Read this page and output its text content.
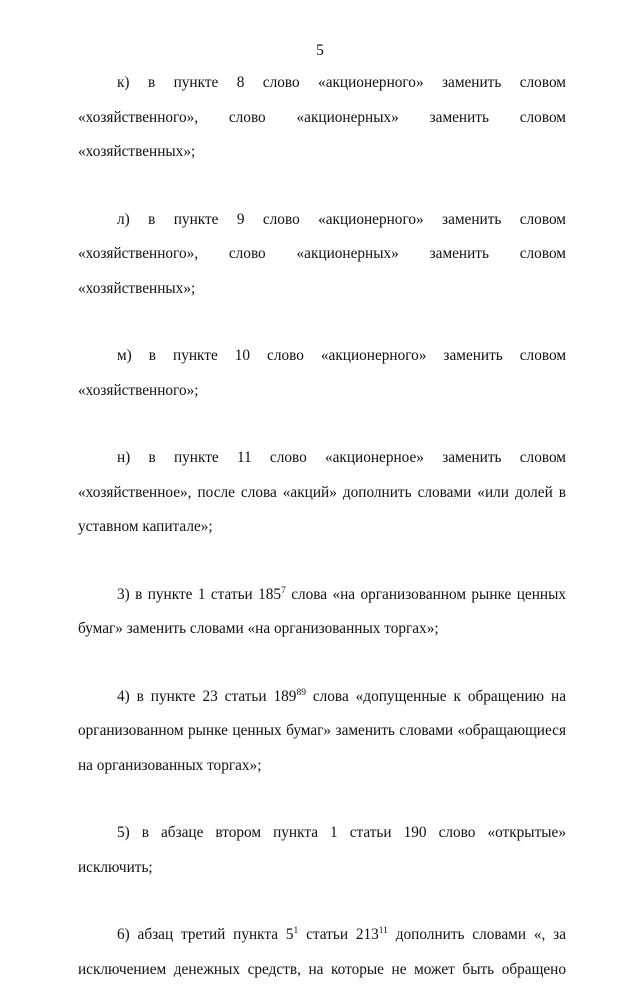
5
к) в пункте 8 слово «акционерного» заменить словом
«хозяйственного», слово «акционерных» заменить словом
«хозяйственных»;
л) в пункте 9 слово «акционерного» заменить словом
«хозяйственного», слово «акционерных» заменить словом
«хозяйственных»;
м) в пункте 10 слово «акционерного» заменить словом
«хозяйственного»;
н) в пункте 11 слово «акционерное» заменить словом
«хозяйственное», после слова «акций» дополнить словами «или долей в
уставном капитале»;
3) в пункте 1 статьи $185^7$ слова «на организованном рынке ценных
бумаг» заменить словами «на организованных торгах»;
4) в пункте 23 статьи $189^{89}$ слова «допущенные к обращению на
организованном рынке ценных бумаг» заменить словами «обращающиеся
на организованных торгах»;
5) в абзаце втором пункта 1 статьи 190 слово «открытые»
исключить;
6) абзац третий пункта $5^1$ статьи $213^{11}$ дополнить словами «, за
исключением денежных средств, на которые не может быть обращено
